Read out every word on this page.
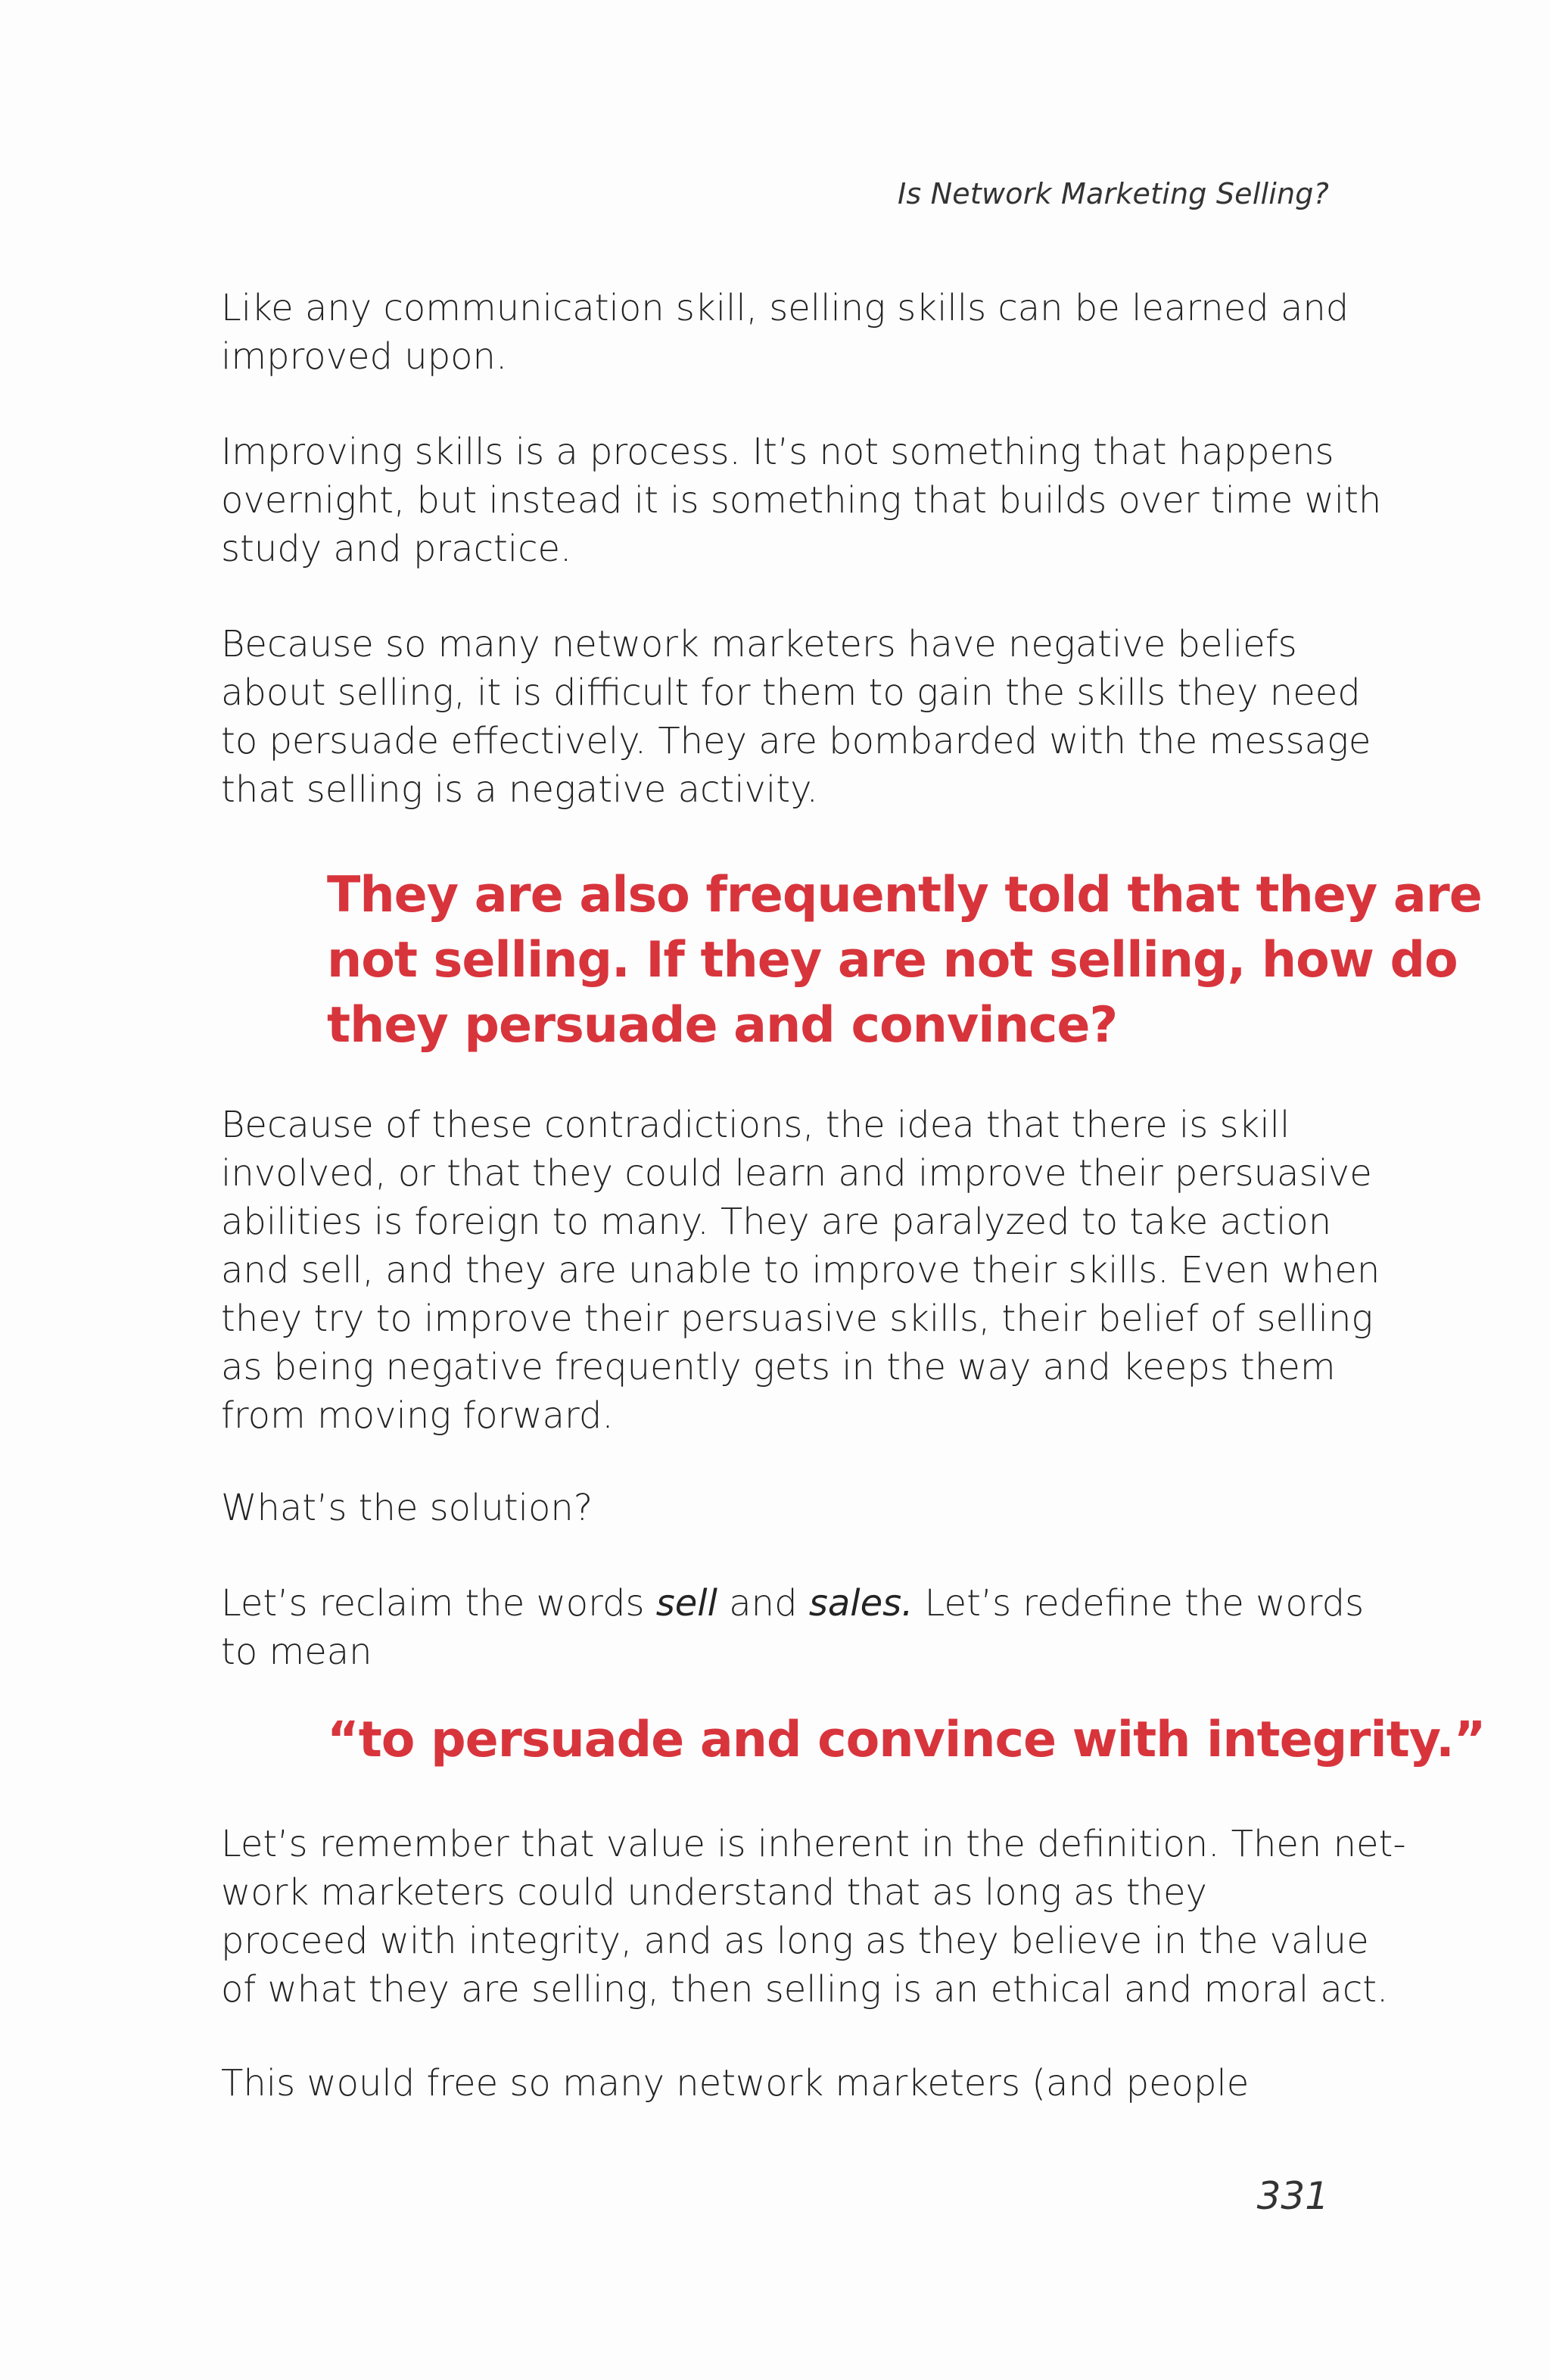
Is Network Marketing Selling?

Like any communication skill, selling skills can be learned and
improved upon.

Improving skills is a process. It’s not something that happens
overnight, but instead it is something that builds over time with
study and practice.

Because so many network marketers have negative beliefs
about selling, it is difficult for them to gain the skills they need
to persuade effectively. They are bombarded with the message
that selling is a negative activity.

They are also frequently told that they are
not selling. If they are not selling, how do
they persuade and convince?

Because of these contradictions, the idea that there is skill
involved, or that they could learn and improve their persuasive
abilities is foreign to many. They are paralyzed to take action
and sell, and they are unable to improve their skills. Even when
they try to improve their persuasive skills, their belief of selling
as being negative frequently gets in the way and keeps them
from moving forward.

What’s the solution?

Let’s reclaim the words sell and sales. Let’s redefine the words
to mean

“to persuade and convince with integrity.”

Let’s remember that value is inherent in the definition. Then net-
work marketers could understand that as long as they
proceed with integrity, and as long as they believe in the value
of what they are selling, then selling is an ethical and moral act.

This would free so many network marketers (and people

331
